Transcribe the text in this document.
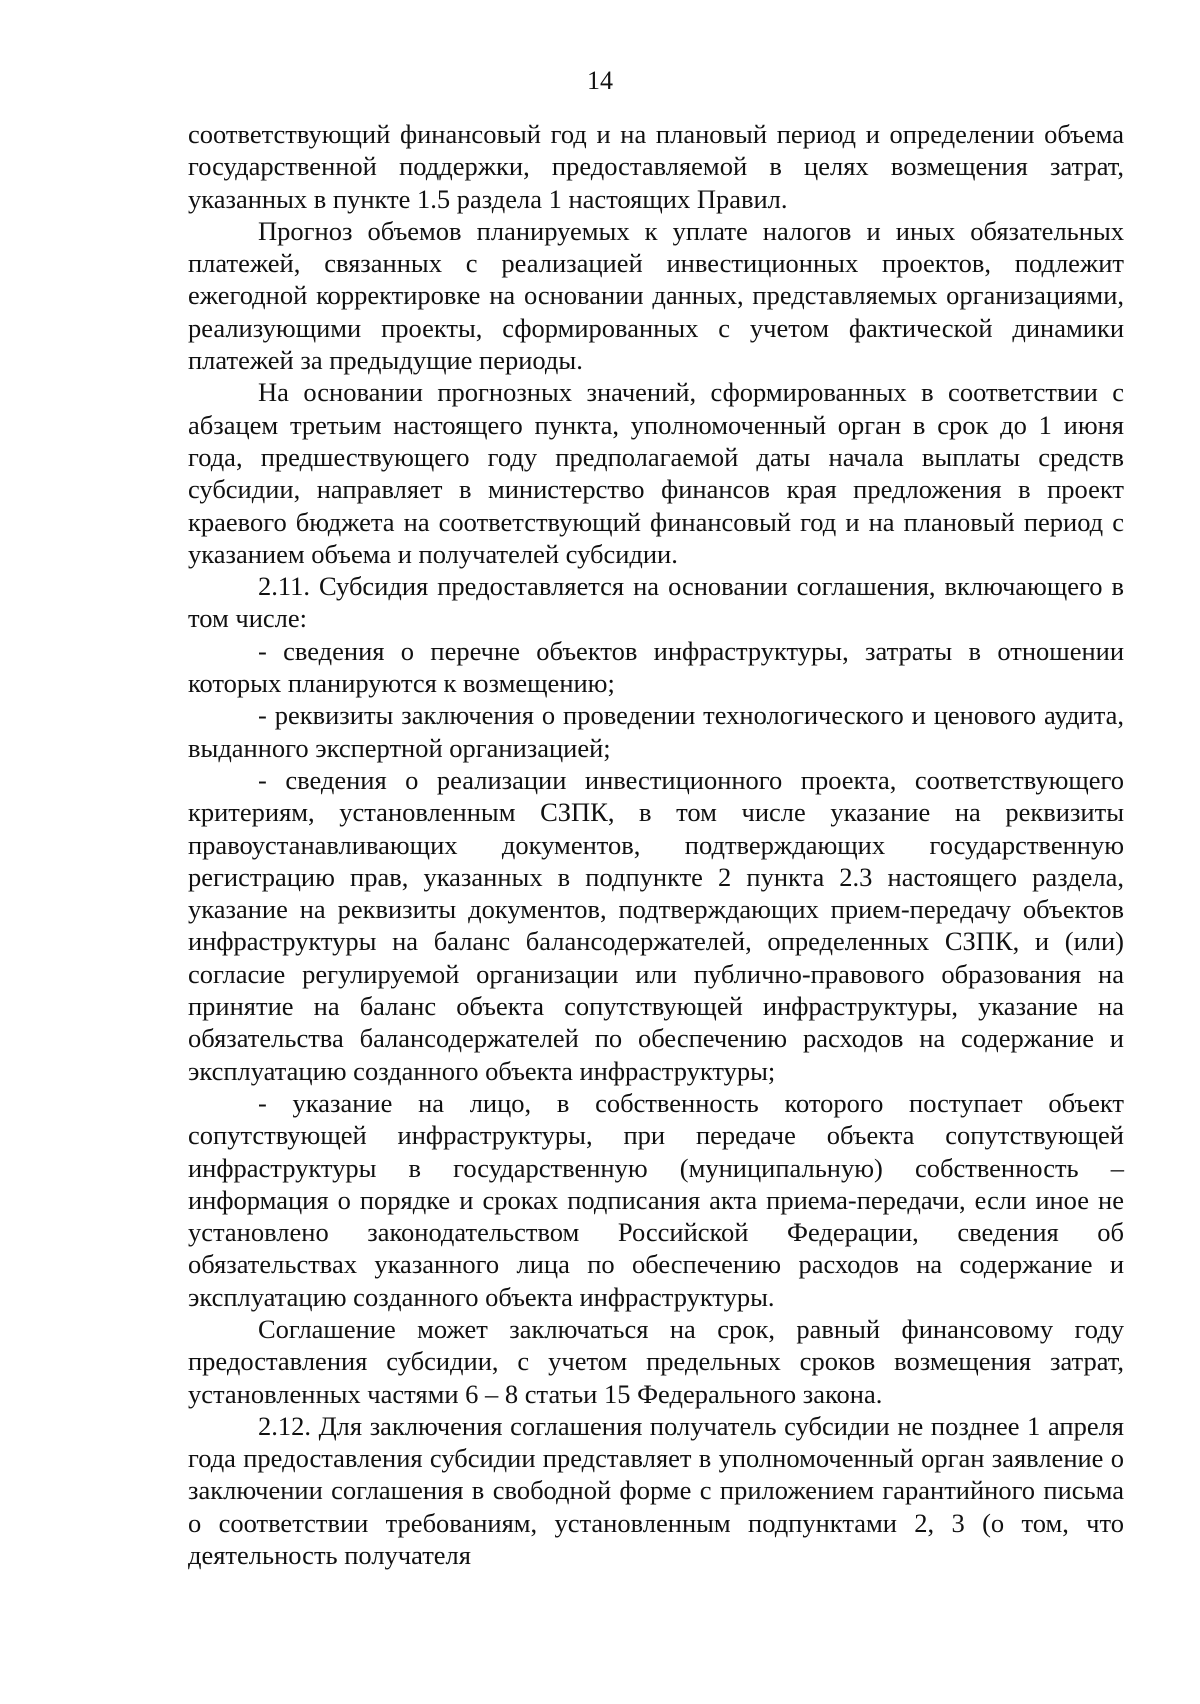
14

соответствующий финансовый год и на плановый период и определении объема государственной поддержки, предоставляемой в целях возмещения затрат, указанных в пункте 1.5 раздела 1 настоящих Правил.

Прогноз объемов планируемых к уплате налогов и иных обязательных платежей, связанных с реализацией инвестиционных проектов, подлежит ежегодной корректировке на основании данных, представляемых организациями, реализующими проекты, сформированных с учетом фактической динамики платежей за предыдущие периоды.

На основании прогнозных значений, сформированных в соответствии с абзацем третьим настоящего пункта, уполномоченный орган в срок до 1 июня года, предшествующего году предполагаемой даты начала выплаты средств субсидии, направляет в министерство финансов края предложения в проект краевого бюджета на соответствующий финансовый год и на плановый период с указанием объема и получателей субсидии.

2.11. Субсидия предоставляется на основании соглашения, включающего в том числе:

- сведения о перечне объектов инфраструктуры, затраты в отношении которых планируются к возмещению;

- реквизиты заключения о проведении технологического и ценового аудита, выданного экспертной организацией;

- сведения о реализации инвестиционного проекта, соответствующего критериям, установленным СЗПК, в том числе указание на реквизиты правоустанавливающих документов, подтверждающих государственную регистрацию прав, указанных в подпункте 2 пункта 2.3 настоящего раздела, указание на реквизиты документов, подтверждающих прием-передачу объектов инфраструктуры на баланс балансодержателей, определенных СЗПК, и (или) согласие регулируемой организации или публично-правового образования на принятие на баланс объекта сопутствующей инфраструктуры, указание на обязательства балансодержателей по обеспечению расходов на содержание и эксплуатацию созданного объекта инфраструктуры;

- указание на лицо, в собственность которого поступает объект сопутствующей инфраструктуры, при передаче объекта сопутствующей инфраструктуры в государственную (муниципальную) собственность – информация о порядке и сроках подписания акта приема-передачи, если иное не установлено законодательством Российской Федерации, сведения об обязательствах указанного лица по обеспечению расходов на содержание и эксплуатацию созданного объекта инфраструктуры.

Соглашение может заключаться на срок, равный финансовому году предоставления субсидии, с учетом предельных сроков возмещения затрат, установленных частями 6 – 8 статьи 15 Федерального закона.

2.12. Для заключения соглашения получатель субсидии не позднее 1 апреля года предоставления субсидии представляет в уполномоченный орган заявление о заключении соглашения в свободной форме с приложением гарантийного письма о соответствии требованиям, установленным подпунктами 2, 3 (о том, что деятельность получателя
